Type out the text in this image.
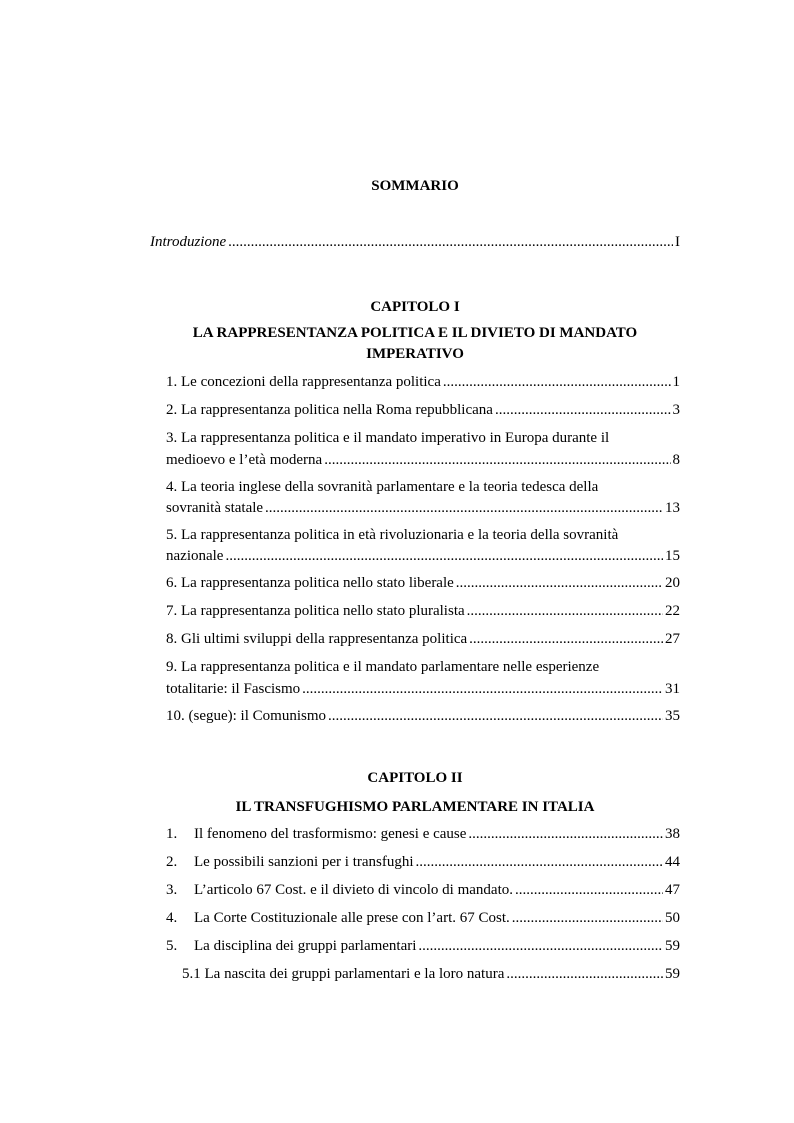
SOMMARIO
Introduzione .....	I
CAPITOLO I
LA RAPPRESENTANZA POLITICA E IL DIVIETO DI MANDATO
IMPERATIVO
1. Le concezioni della rappresentanza politica .....	1
2. La rappresentanza politica nella Roma repubblicana .....	3
3. La rappresentanza politica e il mandato imperativo in Europa durante il
medioevo e l’età moderna .....	8
4. La teoria inglese della sovranità parlamentare e la teoria tedesca della
sovranità statale .....	13
5. La rappresentanza politica in età rivoluzionaria e la teoria della sovranità
nazionale .....	15
6. La rappresentanza politica nello stato liberale .....	20
7. La rappresentanza politica nello stato pluralista .....	22
8. Gli ultimi sviluppi della rappresentanza politica .....	27
9. La rappresentanza politica e il mandato parlamentare nelle esperienze
totalitarie: il Fascismo .....	31
10. (segue): il Comunismo .....	35
CAPITOLO II
IL TRANSFUGHISMO PARLAMENTARE IN ITALIA
1. Il fenomeno del trasformismo: genesi e cause .....	38
2. Le possibili sanzioni per i transfughi .....	44
3. L’articolo 67 Cost. e il divieto di vincolo di mandato. .....	47
4. La Corte Costituzionale alle prese con l’art. 67 Cost. .....	50
5. La disciplina dei gruppi parlamentari .....	59
5.1 La nascita dei gruppi parlamentari e la loro natura .....	59
